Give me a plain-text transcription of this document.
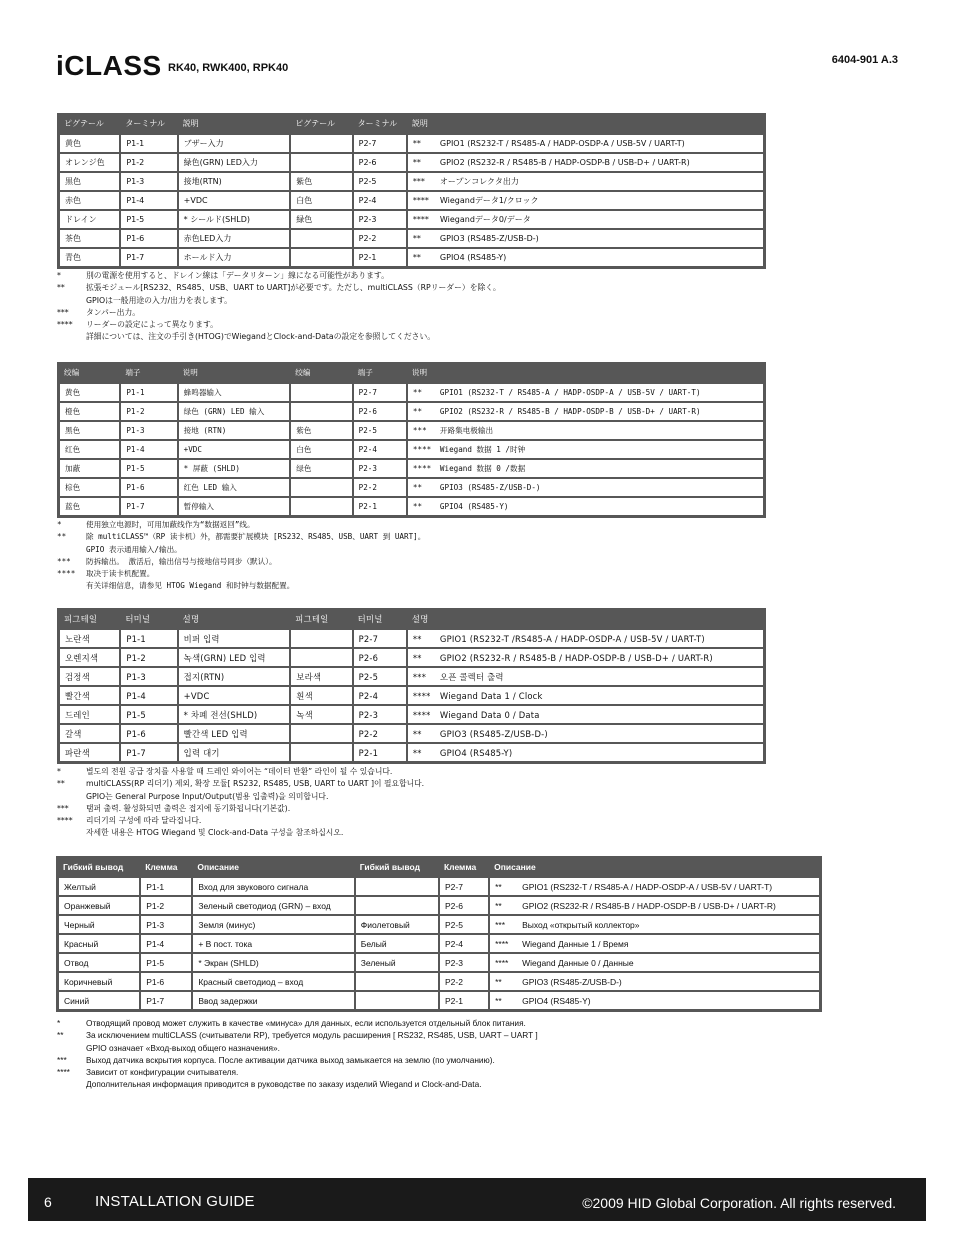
iCLASS RK40, RWK400, RPK40
6404-901 A.3
ピグテール	ターミナル	説明	ピグテール	ターミナル	説明
黄色	P1-1	ブザー入力		P2-7	** GPIO1 (RS232-T / RS485-A / HADP-OSDP-A / USB-5V / UART-T)
オレンジ色	P1-2	緑色(GRN) LED入力		P2-6	** GPIO2 (RS232-R / RS485-B / HADP-OSDP-B / USB-D+ / UART-R)
黒色	P1-3	接地(RTN)	紫色	P2-5	*** オープンコレクタ出力
赤色	P1-4	+VDC	白色	P2-4	**** Wiegandデータ1/クロック
ドレイン	P1-5	* シールド(SHLD)	緑色	P2-3	**** Wiegandデータ0/データ
茶色	P1-6	赤色LED入力		P2-2	** GPIO3 (RS485-Z/USB-D-)
青色	P1-7	ホールド入力		P2-1	** GPIO4 (RS485-Y)
*	別の電源を使用すると、ドレイン線は「データリターン」線になる可能性があります。
**	拡張モジュール[RS232、RS485、USB、UART to UART]が必要です。ただし、multiCLASS（RPリーダー）を除く。
GPIOは一般用途の入力/出力を表します。
***	タンパー出力。
****	リーダーの設定によって異なります。
詳細については、注文の手引き(HTOG)でWiegandとClock-and-Dataの設定を参照してください。
绞编	端子	说明	绞编	端子	说明
黄色	P1-1	蜂鸣器输入		P2-7	** GPIO1 (RS232-T / RS485-A / HADP-OSDP-A / USB-5V / UART-T)
橙色	P1-2	绿色 (GRN) LED 输入		P2-6	** GPIO2 (RS232-R / RS485-B / HADP-OSDP-B / USB-D+ / UART-R)
黑色	P1-3	接地 (RTN)	紫色	P2-5	*** 开路集电极输出
红色	P1-4	+VDC	白色	P2-4	**** Wiegand 数据 1 /时钟
加蔽	P1-5	* 屏蔽 (SHLD)	绿色	P2-3	**** Wiegand 数据 0 /数据
棕色	P1-6	红色 LED 输入		P2-2	** GPIO3 (RS485-Z/USB-D-)
蓝色	P1-7	暂停输入		P2-1	** GPIO4 (RS485-Y)
*	使用独立电源时，可用加蔽线作为“数据返回”线。
**	除 multiCLASS™（RP 读卡机）外，都需要扩展模块 [RS232、RS485、USB、UART 到 UART]。
GPIO 表示通用输入/输出。
***	防拆输出。 激活后，输出信号与接地信号同步（默认）。
****	取决于读卡机配置。
有关详细信息，请参见 HTOG Wiegand 和时钟与数据配置。
피그테일	터미널	설명	피그테일	터미널	설명
노란색	P1-1	비퍼 입력		P2-7	** GPIO1 (RS232-T /RS485-A / HADP-OSDP-A / USB-5V / UART-T)
오렌지색	P1-2	녹색(GRN) LED 입력		P2-6	** GPIO2 (RS232-R / RS485-B / HADP-OSDP-B / USB-D+ / UART-R)
검정색	P1-3	접지(RTN)	보라색	P2-5	*** 오픈 콜렉터 출력
빨간색	P1-4	+VDC	흰색	P2-4	**** Wiegand Data 1 / Clock
드레인	P1-5	* 차폐 전선(SHLD)	녹색	P2-3	**** Wiegand Data 0 / Data
갈색	P1-6	빨간색 LED 입력		P2-2	** GPIO3 (RS485-Z/USB-D-)
파란색	P1-7	입력 대기		P2-1	** GPIO4 (RS485-Y)
*	별도의 전원 공급 장치를 사용할 때 드레인 와이어는 “데이터 반환” 라인이 될 수 있습니다.
**	multiCLASS(RP 리더기) 제외, 확장 모듈[ RS232, RS485, USB, UART to UART ]이 필요합니다.
GPIO는 General Purpose Input/Output(범용 입출력)을 의미합니다.
***	탬퍼 출력. 활성화되면 출력은 접지에 동기화됩니다(기본값).
****	리더기의 구성에 따라 달라집니다.
자세한 내용은 HTOG Wiegand 및 Clock-and-Data 구성을 참조하십시오.
Гибкий вывод	Клемма	Описание	Гибкий вывод	Клемма	Описание
Желтый	P1-1	Вход для звукового сигнала		P2-7	** GPIO1 (RS232-T / RS485-A / HADP-OSDP-A / USB-5V / UART-T)
Оранжевый	P1-2	Зеленый светодиод (GRN) – вход		P2-6	** GPIO2 (RS232-R / RS485-B / HADP-OSDP-B / USB-D+ / UART-R)
Черный	P1-3	Земля (минус)	Фиолетовый	P2-5	*** Выход «открытый коллектор»
Красный	P1-4	+ В пост. тока	Белый	P2-4	**** Wiegand Данные 1 / Время
Отвод	P1-5	* Экран (SHLD)	Зеленый	P2-3	**** Wiegand Данные 0 / Данные
Коричневый	P1-6	Красный светодиод – вход		P2-2	** GPIO3 (RS485-Z/USB-D-)
Синий	P1-7	Ввод задержки		P2-1	** GPIO4 (RS485-Y)
*	Отводящий провод может служить в качестве «минуса» для данных, если используется отдельный блок питания.
**	За исключением multiCLASS (считыватели RP), требуется модуль расширения [ RS232, RS485, USB, UART – UART ]
GPIO означает «Вход-выход общего назначения».
***	Выход датчика вскрытия корпуса. После активации датчика выход замыкается на землю (по умолчанию).
****	Зависит от конфигурации считывателя.
Дополнительная информация приводится в руководстве по заказу изделий Wiegand и Clock-and-Data.
6	INSTALLATION GUIDE	©2009 HID Global Corporation. All rights reserved.
